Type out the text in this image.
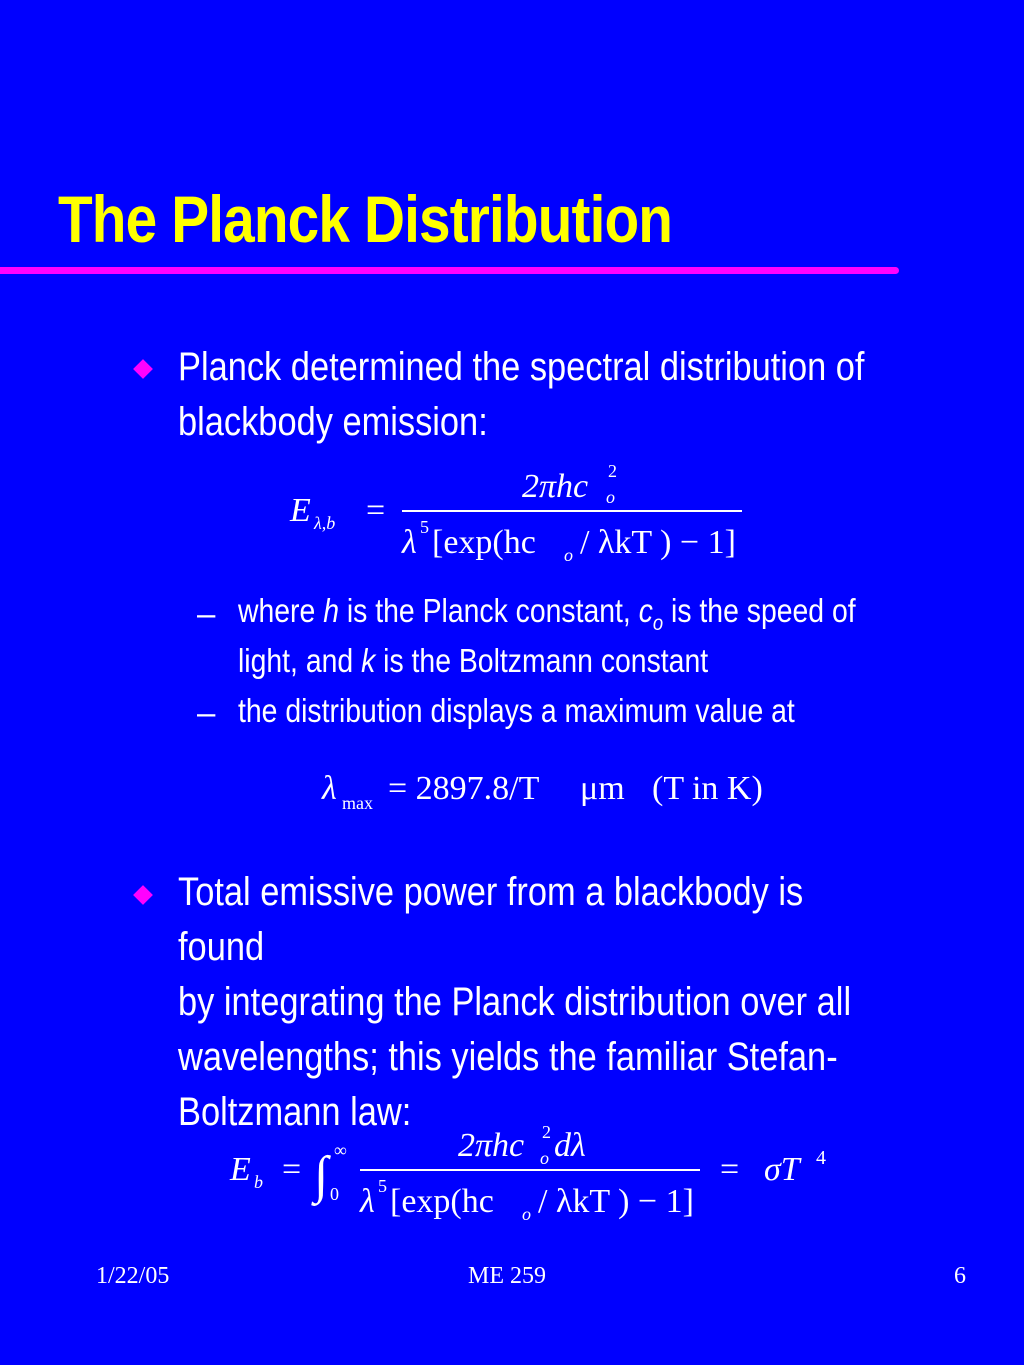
The Planck Distribution
Planck determined the spectral distribution of
blackbody emission:
E λ,b =
2πhc 2
o
λ 5 [exp(hc o / λkT ) − 1]
– where h is the Planck constant, $c_o$ is the speed of
light, and k is the Boltzmann constant
– the distribution displays a maximum value at
λ max = 2897.8/T μm (T in K)
Total emissive power from a blackbody is found
by integrating the Planck distribution over all
wavelengths; this yields the familiar Stefan-
Boltzmann law:
E b = ∫ ∞
0
2πhc 2
o dλ
λ 5 [exp(hc o / λkT ) − 1]
= σT 4
1/22/05	ME 259	6
